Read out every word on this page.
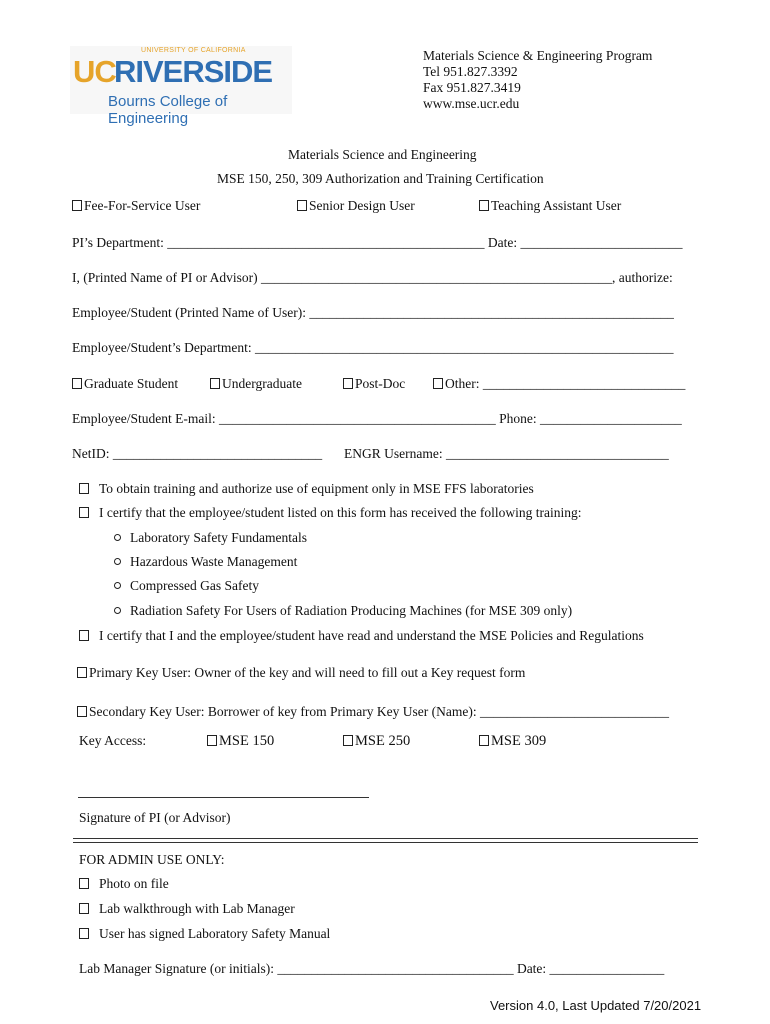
UNIVERSITY OF CALIFORNIA
UC
RIVERSIDE
Bourns College of Engineering
Materials Science & Engineering Program
Tel 951.827.3392
Fax 951.827.3419
www.mse.ucr.edu
Materials Science and Engineering
MSE 150, 250, 309 Authorization and Training Certification
Fee-For-Service User	Senior Design User	Teaching Assistant User
PI’s Department: _______________________________________________ Date: ________________________
I, (Printed Name of PI or Advisor) ____________________________________________________, authorize:
Employee/Student (Printed Name of User): ______________________________________________________
Employee/Student’s Department: ______________________________________________________________
Graduate Student	Undergraduate	Post-Doc	Other: ______________________________
Employee/Student E-mail: _________________________________________ Phone: _____________________
NetID: _______________________________ ENGR Username: _________________________________
To obtain training and authorize use of equipment only in MSE FFS laboratories
I certify that the employee/student listed on this form has received the following training:
Laboratory Safety Fundamentals
Hazardous Waste Management
Compressed Gas Safety
Radiation Safety For Users of Radiation Producing Machines (for MSE 309 only)
I certify that I and the employee/student have read and understand the MSE Policies and Regulations
Primary Key User: Owner of the key and will need to fill out a Key request form
Secondary Key User: Borrower of key from Primary Key User (Name): ____________________________
Key Access:	MSE 150	MSE 250	MSE 309
Signature of PI (or Advisor)
FOR ADMIN USE ONLY:
Photo on file
Lab walkthrough with Lab Manager
User has signed Laboratory Safety Manual
Lab Manager Signature (or initials): ___________________________________ Date: _________________
Version 4.0, Last Updated 7/20/2021
